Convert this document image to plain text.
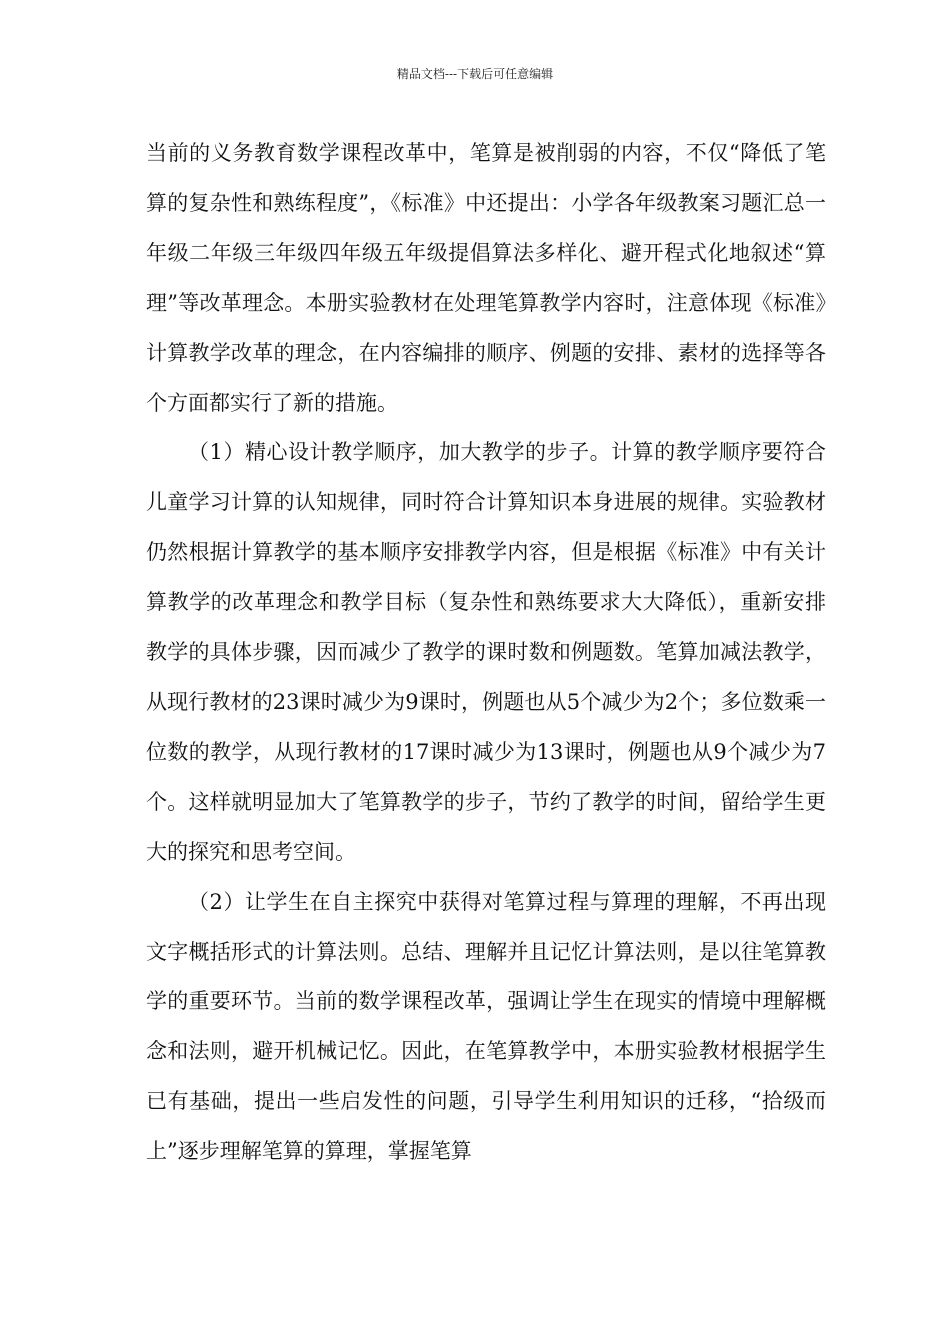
精品文档---下载后可任意编辑

当前的义务教育数学课程改革中，笔算是被削弱的内容，不仅“降低了笔算的复杂性和熟练程度”，《标准》中还提出：小学各年级教案习题汇总一年级二年级三年级四年级五年级提倡算法多样化、避开程式化地叙述“算理”等改革理念。本册实验教材在处理笔算教学内容时，注意体现《标准》计算教学改革的理念，在内容编排的顺序、例题的安排、素材的选择等各个方面都实行了新的措施。

（1）精心设计教学顺序，加大教学的步子。计算的教学顺序要符合儿童学习计算的认知规律，同时符合计算知识本身进展的规律。实验教材仍然根据计算教学的基本顺序安排教学内容，但是根据《标准》中有关计算教学的改革理念和教学目标（复杂性和熟练要求大大降低），重新安排教学的具体步骤，因而减少了教学的课时数和例题数。笔算加减法教学，从现行教材的23课时减少为9课时，例题也从5个减少为2个；多位数乘一位数的教学，从现行教材的17课时减少为13课时，例题也从9个减少为7个。这样就明显加大了笔算教学的步子，节约了教学的时间，留给学生更大的探究和思考空间。

（2）让学生在自主探究中获得对笔算过程与算理的理解，不再出现文字概括形式的计算法则。总结、理解并且记忆计算法则，是以往笔算教学的重要环节。当前的数学课程改革，强调让学生在现实的情境中理解概念和法则，避开机械记忆。因此，在笔算教学中，本册实验教材根据学生已有基础，提出一些启发性的问题，引导学生利用知识的迁移，“拾级而上”逐步理解笔算的算理，掌握笔算
